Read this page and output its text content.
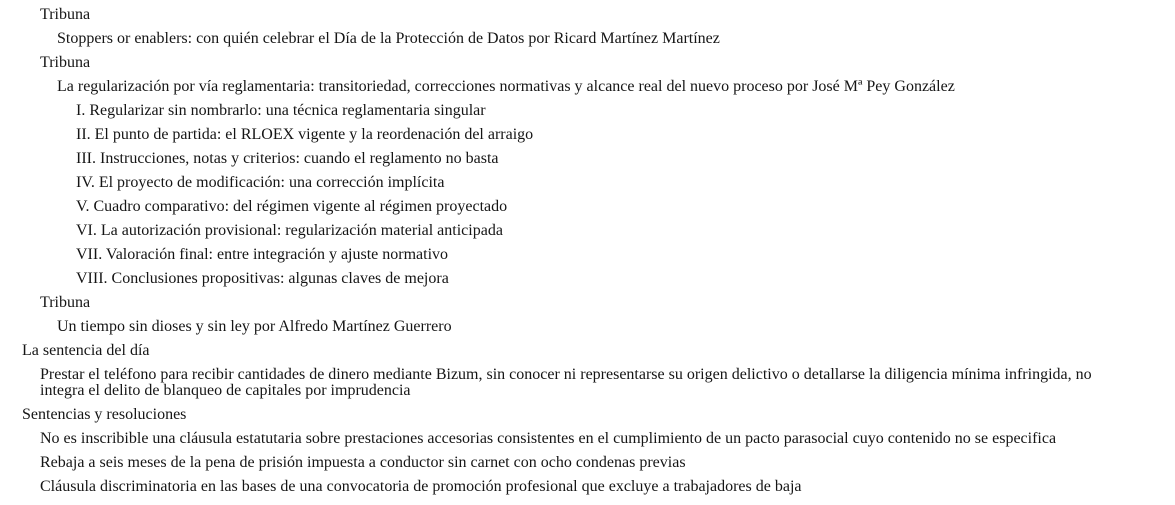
Tribuna
Stoppers or enablers: con quién celebrar el Día de la Protección de Datos por Ricard Martínez Martínez
Tribuna
La regularización por vía reglamentaria: transitoriedad, correcciones normativas y alcance real del nuevo proceso por José Mª Pey González
I. Regularizar sin nombrarlo: una técnica reglamentaria singular
II. El punto de partida: el RLOEX vigente y la reordenación del arraigo
III. Instrucciones, notas y criterios: cuando el reglamento no basta
IV. El proyecto de modificación: una corrección implícita
V. Cuadro comparativo: del régimen vigente al régimen proyectado
VI. La autorización provisional: regularización material anticipada
VII. Valoración final: entre integración y ajuste normativo
VIII. Conclusiones propositivas: algunas claves de mejora
Tribuna
Un tiempo sin dioses y sin ley por Alfredo Martínez Guerrero
La sentencia del día
Prestar el teléfono para recibir cantidades de dinero mediante Bizum, sin conocer ni representarse su origen delictivo o detallarse la diligencia mínima infringida, no integra el delito de blanqueo de capitales por imprudencia
Sentencias y resoluciones
No es inscribible una cláusula estatutaria sobre prestaciones accesorias consistentes en el cumplimiento de un pacto parasocial cuyo contenido no se especifica
Rebaja a seis meses de la pena de prisión impuesta a conductor sin carnet con ocho condenas previas
Cláusula discriminatoria en las bases de una convocatoria de promoción profesional que excluye a trabajadores de baja
